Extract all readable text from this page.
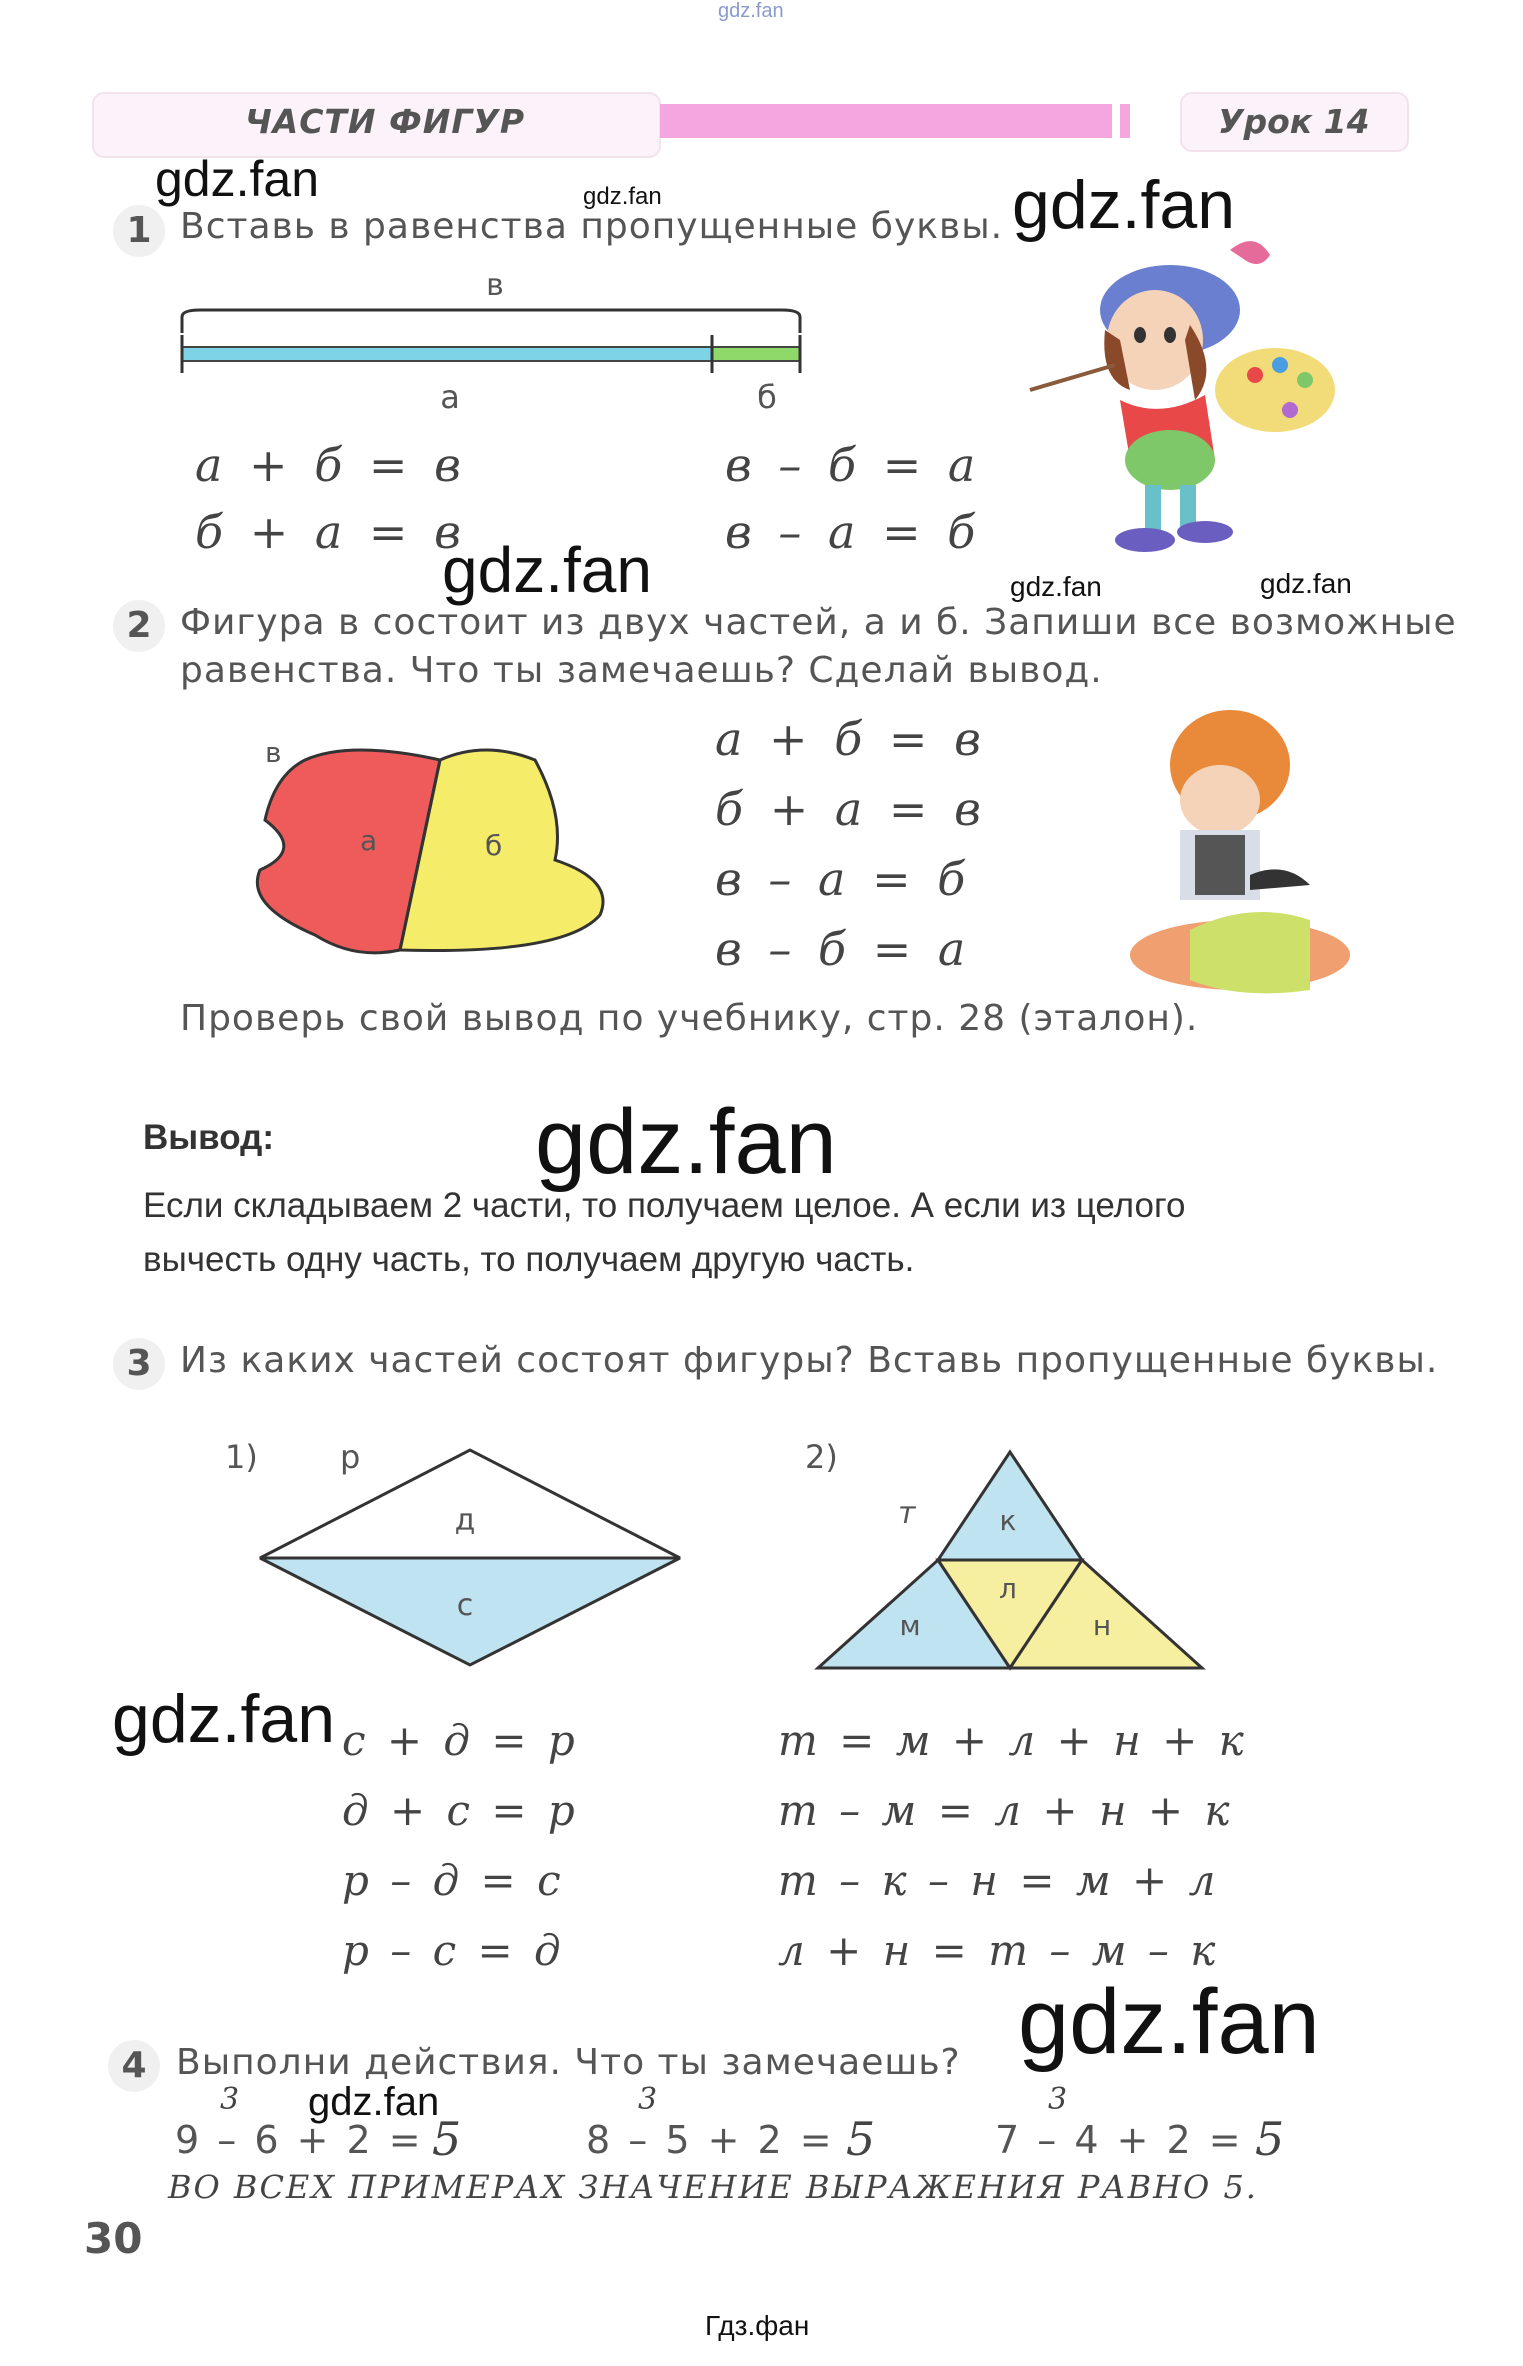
gdz.fan
ЧАСТИ ФИГУР	Урок 14
gdz.fan	gdz.fan	gdz.fan
gdz.fan	gdz.fan	gdz.fan
gdz.fan
gdz.fan
gdz.fan
gdz.fan
1 Вставь в равенства пропущенные буквы.
в
а	б
а + б = в
б + а = в
в – б = а
в – а = б
2 Фигура в состоит из двух частей, а и б. Запиши все возможные
равенства. Что ты замечаешь? Сделай вывод.
в
а	б
а + б = в
б + а = в
в – а = б
в – б = а
Проверь свой вывод по учебнику, стр. 28 (эталон).
Вывод:
Если складываем 2 части, то получаем целое. А если из целого
вычесть одну часть, то получаем другую часть.
3 Из каких частей состоят фигуры? Вставь пропущенные буквы.
1)	р
д
с
2)
т	к
м
л
н
с + д = р
д + с = р
р – д = с
р – с = д
т = м + л + н + к
т – м = л + н + к
т – к – н = м + л
л + н = т – м – к
4 Выполни действия. Что ты замечаешь?
3
9 – 6 + 2 = 5
3
8 – 5 + 2 = 5
3
7 – 4 + 2 = 5
ВО ВСЕХ ПРИМЕРАХ ЗНАЧЕНИЕ ВЫРАЖЕНИЯ РАВНО 5.
30
Гдз.фан
